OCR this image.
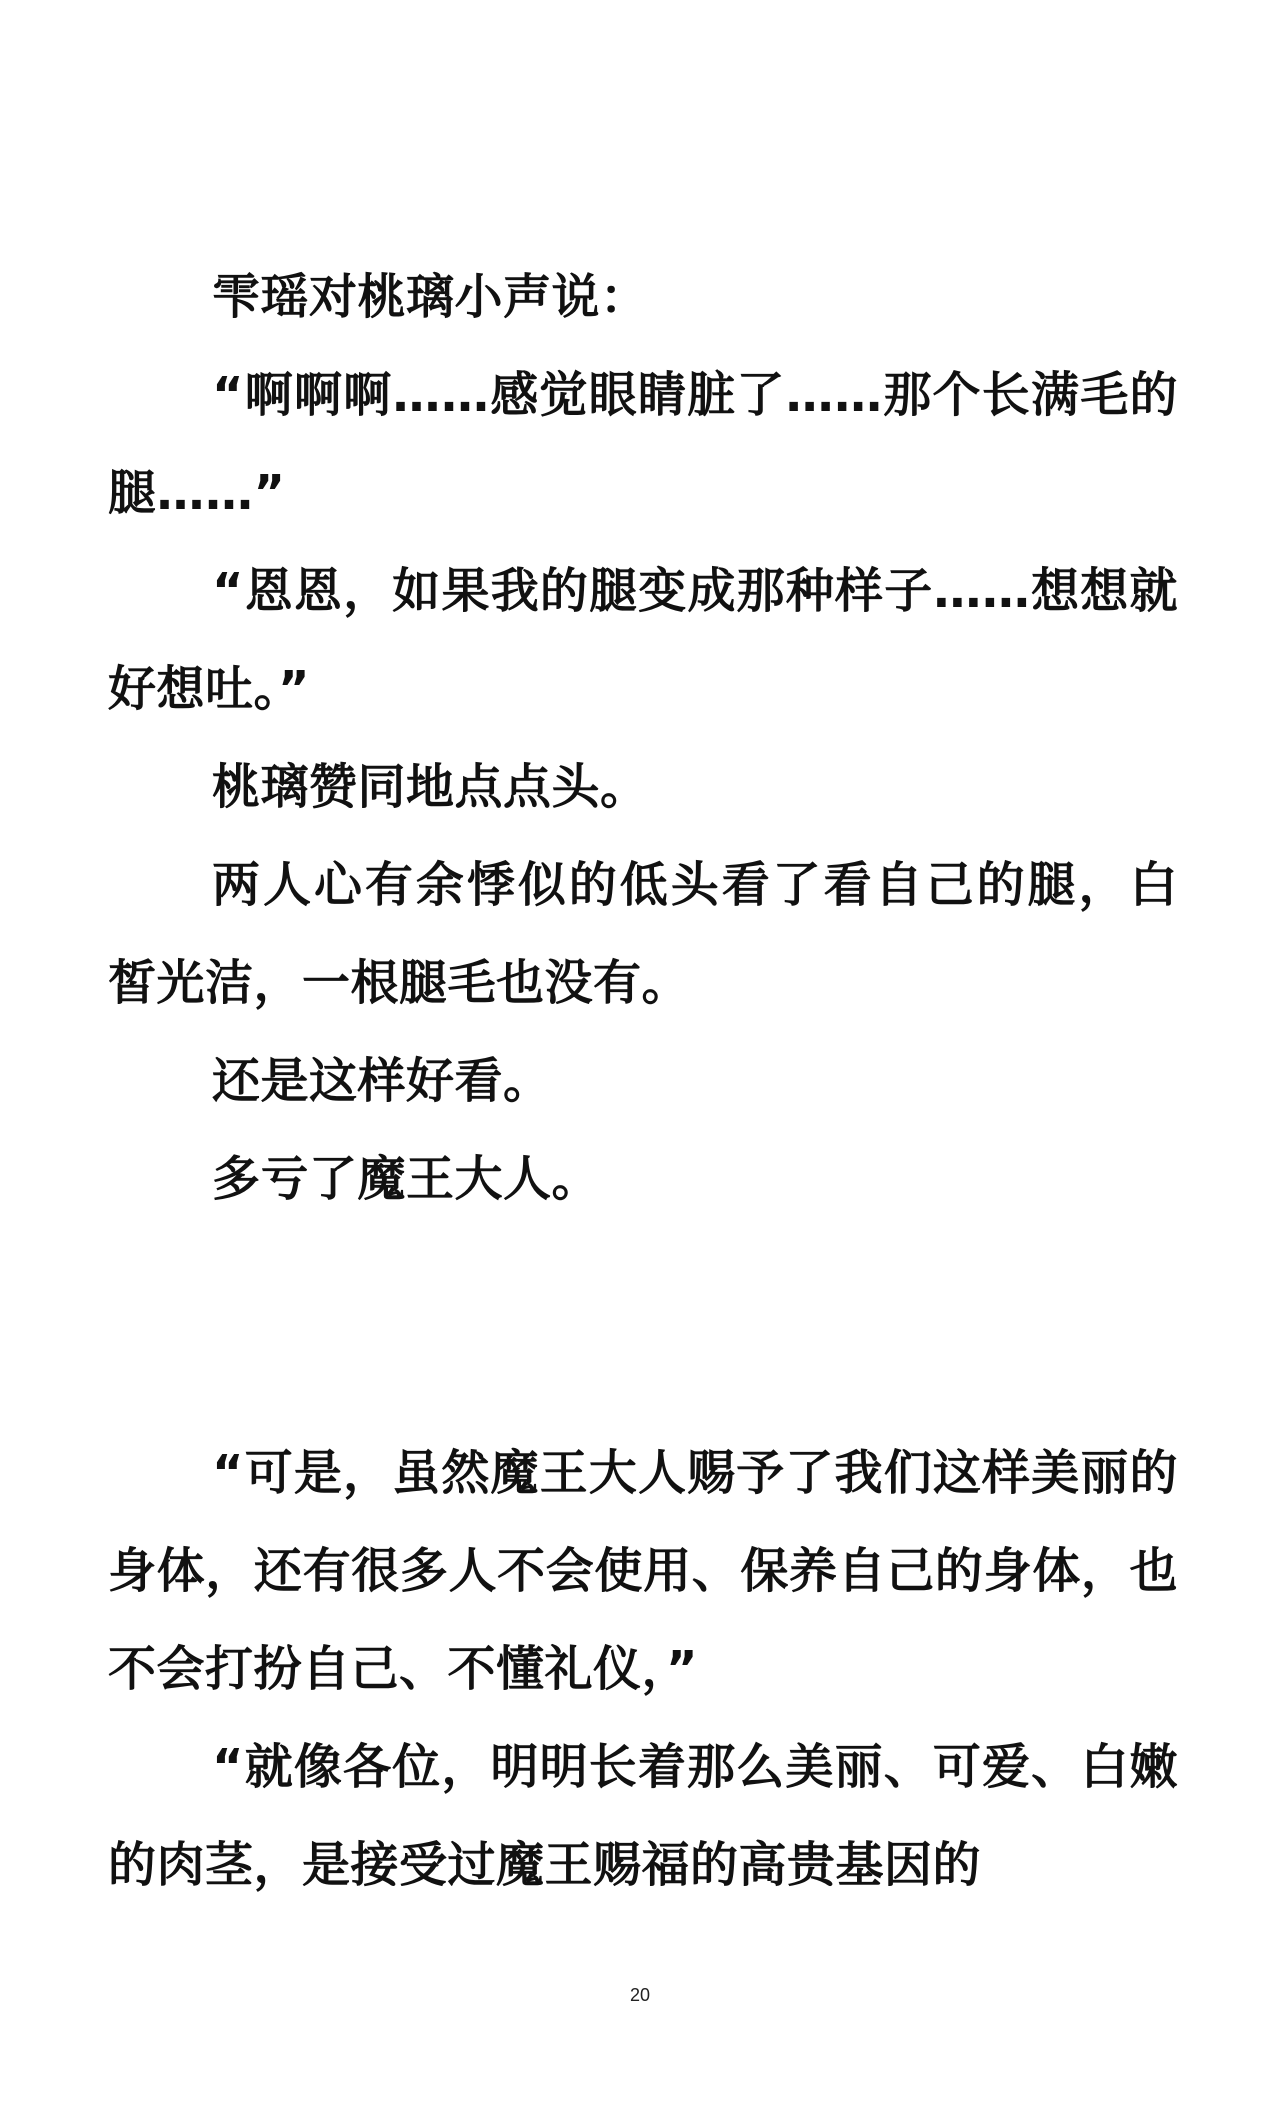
雫瑶对桃璃小声说：

“啊啊啊……感觉眼睛脏了……那个长满毛的腿……”

“恩恩，如果我的腿变成那种样子……想想就好想吐。”

桃璃赞同地点点头。

两人心有余悸似的低头看了看自己的腿，白皙光洁，一根腿毛也没有。

还是这样好看。

多亏了魔王大人。

“可是，虽然魔王大人赐予了我们这样美丽的身体，还有很多人不会使用、保养自己的身体，也不会打扮自己、不懂礼仪，”

“就像各位，明明长着那么美丽、可爱、白嫩的肉茎，是接受过魔王赐福的高贵基因的

20
